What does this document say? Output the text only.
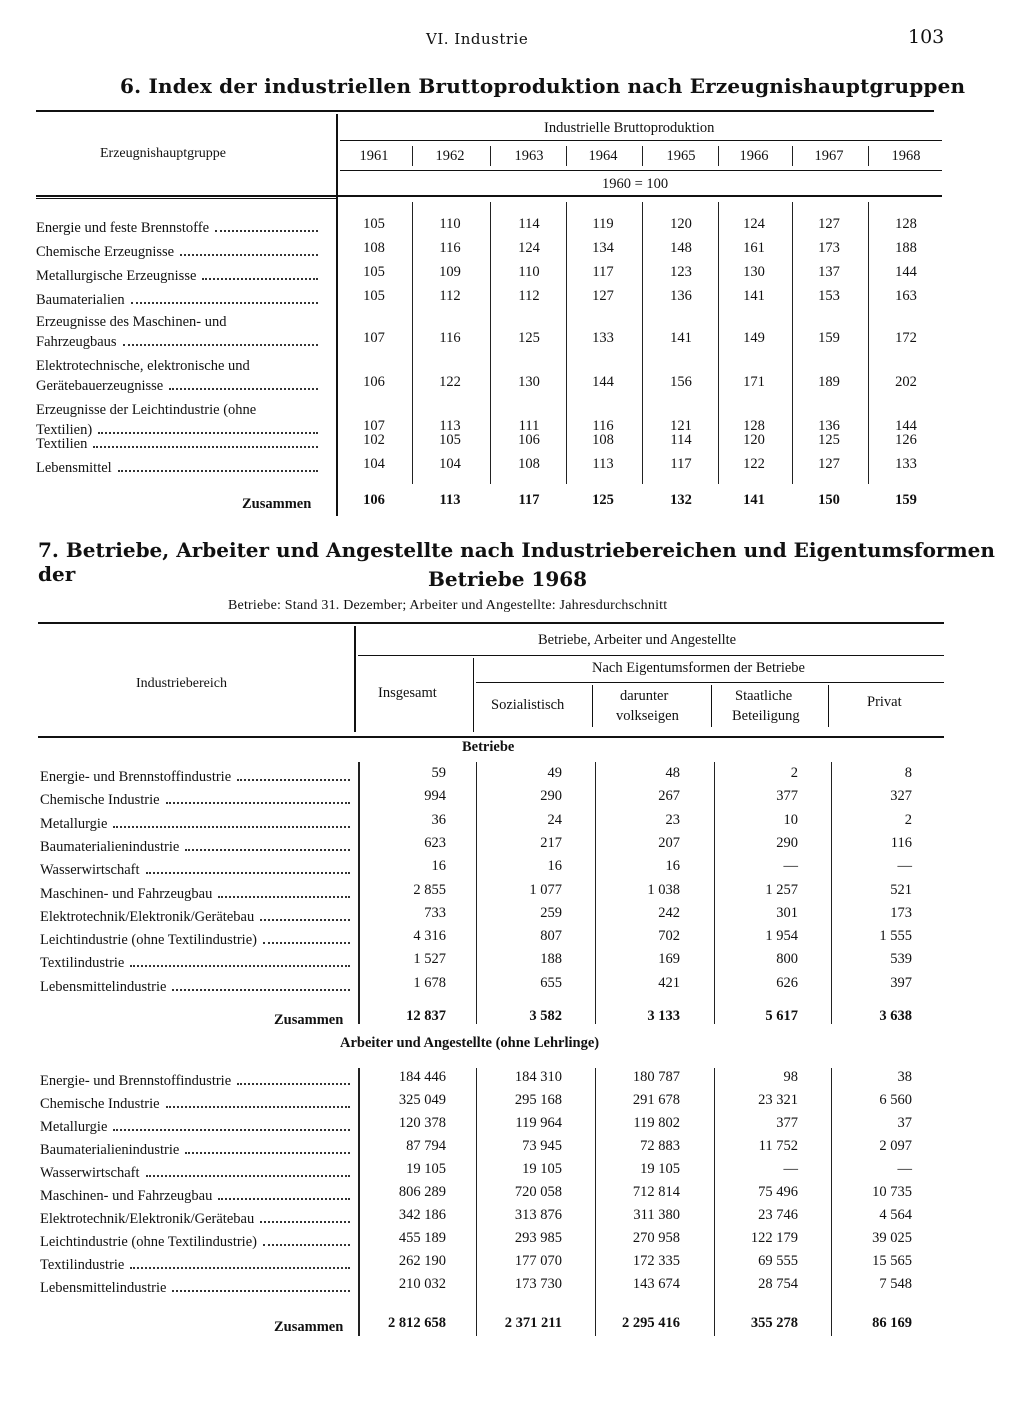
VI. Industrie	103
6. Index der industriellen Bruttoproduktion nach Erzeugnishauptgruppen
Erzeugnishauptgruppe
Industrielle Bruttoproduktion
1960 = 100
1961	1962	1963	1964	1965	1966	1967	1968
Energie und feste Brennstoffe	105	110	114	119	120	124	127	128
Chemische Erzeugnisse	108	116	124	134	148	161	173	188
Metallurgische Erzeugnisse	105	109	110	117	123	130	137	144
Baumaterialien	105	112	112	127	136	141	153	163
Erzeugnisse des Maschinen- und
Fahrzeugbaus	107	116	125	133	141	149	159	172
Elektrotechnische, elektronische und
Gerätebauerzeugnisse	106	122	130	144	156	171	189	202
Erzeugnisse der Leichtindustrie (ohne
Textilien)	107	113	111	116	121	128	136	144
Textilien	102	105	106	108	114	120	125	126
Lebensmittel	104	104	108	113	117	122	127	133
Zusammen	106	113	117	125	132	141	150	159
7. Betriebe, Arbeiter und Angestellte nach Industriebereichen und Eigentumsformen der	Betriebe 1968
Betriebe: Stand 31. Dezember; Arbeiter und Angestellte: Jahresdurchschnitt
Industriebereich
Betriebe, Arbeiter und Angestellte
Insgesamt
Nach Eigentumsformen der Betriebe
Sozialistisch
darunter
volkseigen
Staatliche
Beteiligung
Privat
Betriebe
Arbeiter und Angestellte (ohne Lehrlinge)
Energie- und Brennstoffindustrie	59	49	48	2	8
Chemische Industrie	994	290	267	377	327
Metallurgie	36	24	23	10	2
Baumaterialienindustrie	623	217	207	290	116
Wasserwirtschaft	16	16	16	—	—
Maschinen- und Fahrzeugbau	2 855	1 077	1 038	1 257	521
Elektrotechnik/Elektronik/Gerätebau	733	259	242	301	173
Leichtindustrie (ohne Textilindustrie)	4 316	807	702	1 954	1 555
Textilindustrie	1 527	188	169	800	539
Lebensmittelindustrie	1 678	655	421	626	397
Zusammen	12 837	3 582	3 133	5 617	3 638
Energie- und Brennstoffindustrie	184 446	184 310	180 787	98	38
Chemische Industrie	325 049	295 168	291 678	23 321	6 560
Metallurgie	120 378	119 964	119 802	377	37
Baumaterialienindustrie	87 794	73 945	72 883	11 752	2 097
Wasserwirtschaft	19 105	19 105	19 105	—	—
Maschinen- und Fahrzeugbau	806 289	720 058	712 814	75 496	10 735
Elektrotechnik/Elektronik/Gerätebau	342 186	313 876	311 380	23 746	4 564
Leichtindustrie (ohne Textilindustrie)	455 189	293 985	270 958	122 179	39 025
Textilindustrie	262 190	177 070	172 335	69 555	15 565
Lebensmittelindustrie	210 032	173 730	143 674	28 754	7 548
Zusammen	2 812 658	2 371 211	2 295 416	355 278	86 169
